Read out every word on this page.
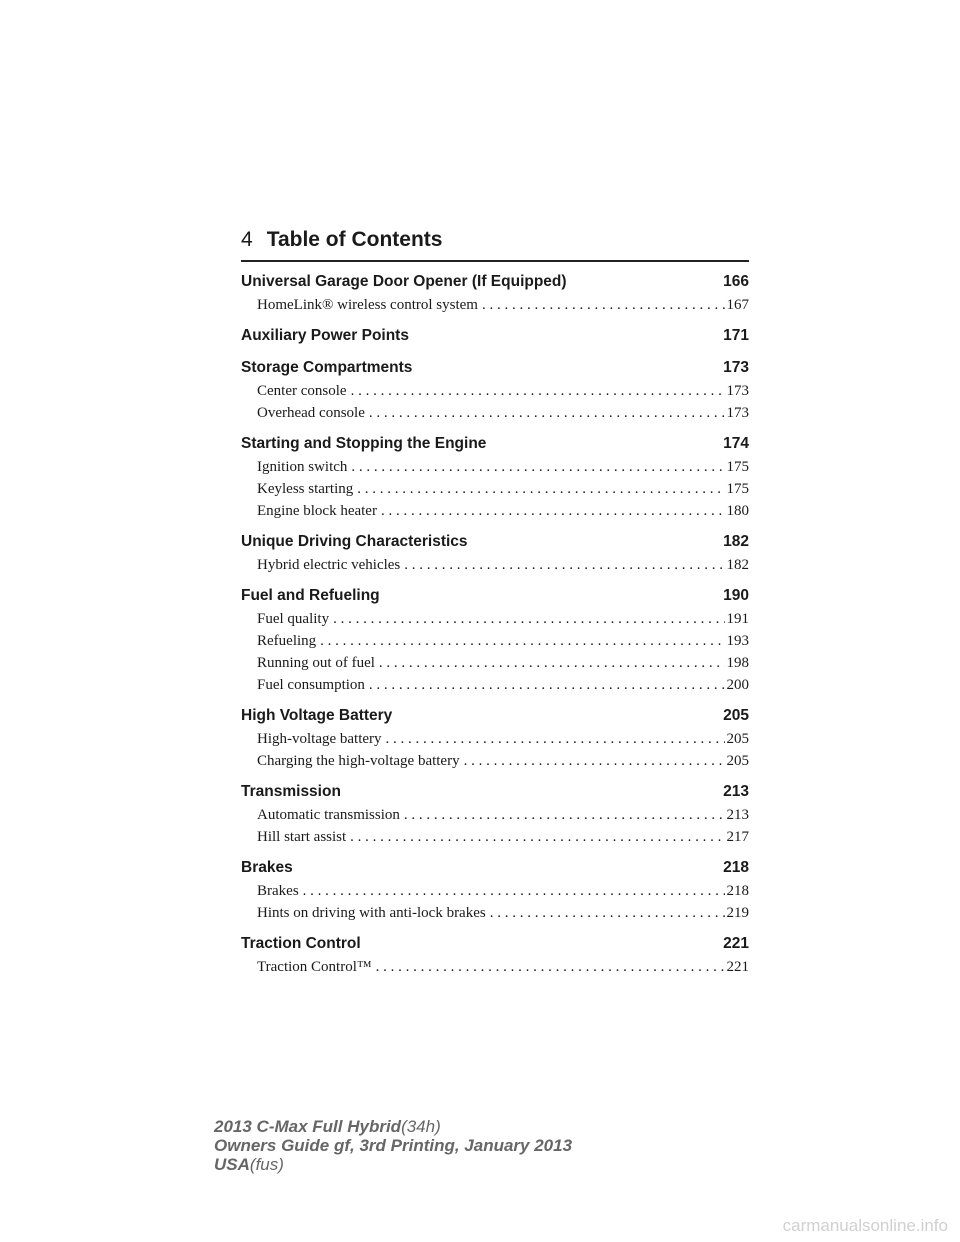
4 Table of Contents
Universal Garage Door Opener (If Equipped)	166
HomeLink® wireless control system . . .	167
Auxiliary Power Points	171
Storage Compartments	173
Center console . . .	173
Overhead console . . .	173
Starting and Stopping the Engine	174
Ignition switch . . .	175
Keyless starting . . .	175
Engine block heater . . .	180
Unique Driving Characteristics	182
Hybrid electric vehicles . . .	182
Fuel and Refueling	190
Fuel quality . . .	191
Refueling . . .	193
Running out of fuel . . .	198
Fuel consumption . . .	200
High Voltage Battery	205
High-voltage battery . . .	205
Charging the high-voltage battery . . .	205
Transmission	213
Automatic transmission . . .	213
Hill start assist . . .	217
Brakes	218
Brakes . . .	218
Hints on driving with anti-lock brakes . . .	219
Traction Control	221
Traction Control™ . . .	221
2013 C-Max Full Hybrid(34h)
Owners Guide gf, 3rd Printing, January 2013
USA(fus)
carmanualsonline.info
